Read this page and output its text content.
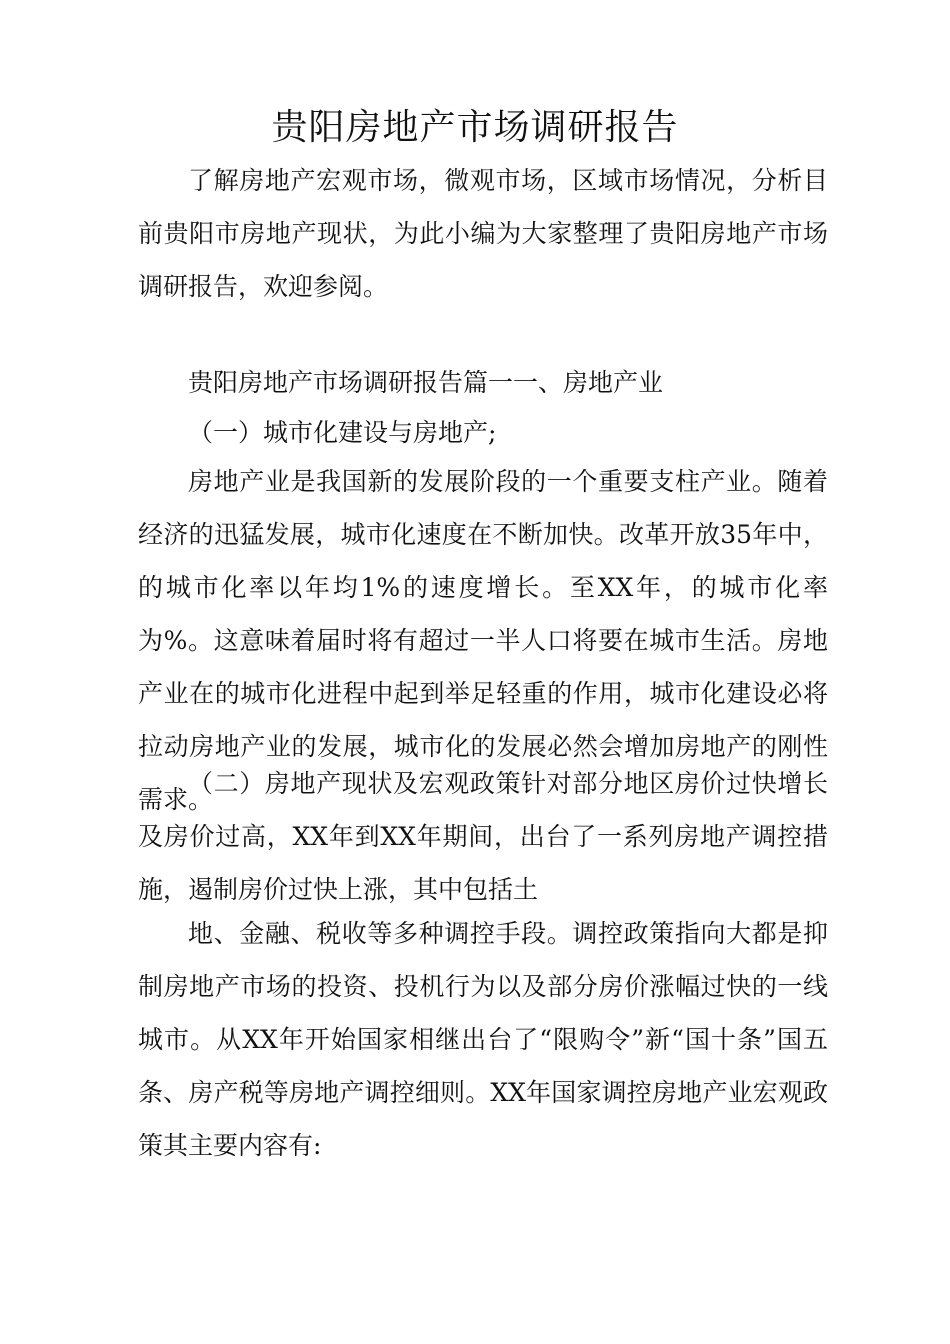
贵阳房地产市场调研报告

了解房地产宏观市场，微观市场，区域市场情况，分析目前贵阳市房地产现状，为此小编为大家整理了贵阳房地产市场调研报告，欢迎参阅。

贵阳房地产市场调研报告篇一一、房地产业

（一）城市化建设与房地产;

房地产业是我国新的发展阶段的一个重要支柱产业。随着经济的迅猛发展，城市化速度在不断加快。改革开放35年中，的城市化率以年均1%的速度增长。至XX年，的城市化率为%。这意味着届时将有超过一半人口将要在城市生活。房地产业在的城市化进程中起到举足轻重的作用，城市化建设必将拉动房地产业的发展，城市化的发展必然会增加房地产的刚性需求。

（二）房地产现状及宏观政策针对部分地区房价过快增长及房价过高，XX年到XX年期间，出台了一系列房地产调控措施，遏制房价过快上涨，其中包括土

地、金融、税收等多种调控手段。调控政策指向大都是抑制房地产市场的投资、投机行为以及部分房价涨幅过快的一线城市。从XX年开始国家相继出台了“限购令”新“国十条”国五条、房产税等房地产调控细则。XX年国家调控房地产业宏观政策其主要内容有:
